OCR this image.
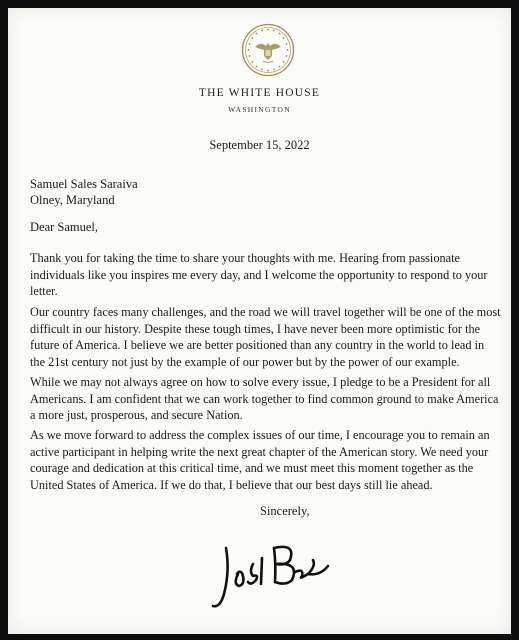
THE WHITE HOUSE
WASHINGTON
September 15, 2022
Samuel Sales Saraiva
Olney, Maryland
Dear Samuel,

Thank you for taking the time to share your thoughts with me. Hearing from passionate individuals like you inspires me every day, and I welcome the opportunity to respond to your letter.

Our country faces many challenges, and the road we will travel together will be one of the most difficult in our history. Despite these tough times, I have never been more optimistic for the future of America. I believe we are better positioned than any country in the world to lead in the 21st century not just by the example of our power but by the power of our example.

While we may not always agree on how to solve every issue, I pledge to be a President for all Americans. I am confident that we can work together to find common ground to make America a more just, prosperous, and secure Nation.

As we move forward to address the complex issues of our time, I encourage you to remain an active participant in helping write the next great chapter of the American story. We need your courage and dedication at this critical time, and we must meet this moment together as the United States of America. If we do that, I believe that our best days still lie ahead.

Sincerely,
